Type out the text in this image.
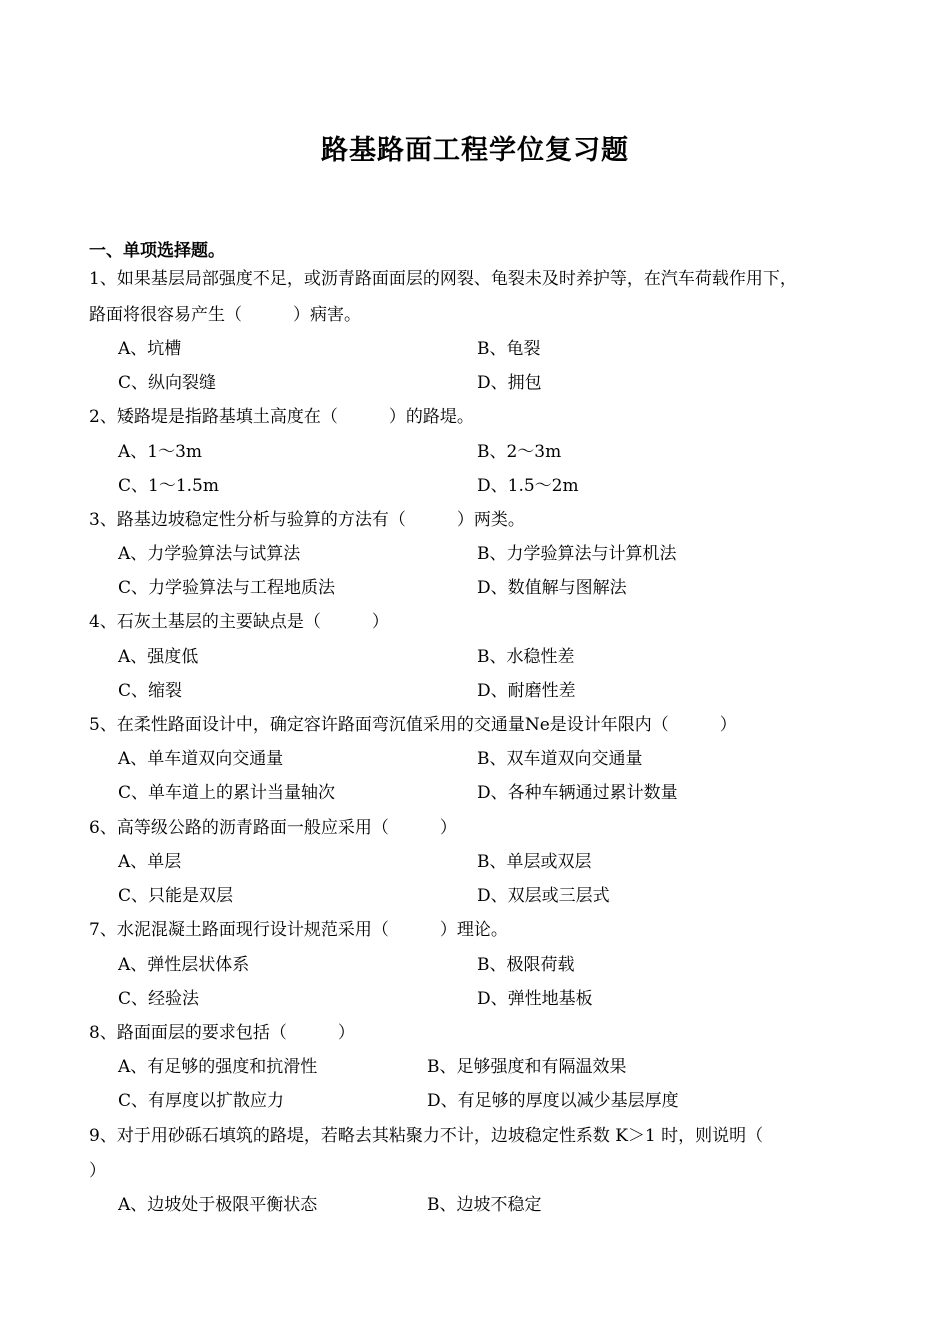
路基路面工程学位复习题
一、单项选择题。
1、如果基层局部强度不足，或沥青路面面层的网裂、龟裂未及时养护等，在汽车荷载作用下，
路面将很容易产生（　　　）病害。
A、坑槽	B、龟裂
C、纵向裂缝	D、拥包
2、矮路堤是指路基填土高度在（　　　）的路堤。
A、1～3m	B、2～3m
C、1～1.5m	D、1.5～2m
3、路基边坡稳定性分析与验算的方法有（　　　）两类。
A、力学验算法与试算法	B、力学验算法与计算机法
C、力学验算法与工程地质法	D、数值解与图解法
4、石灰土基层的主要缺点是（　　　）
A、强度低	B、水稳性差
C、缩裂	D、耐磨性差
5、在柔性路面设计中，确定容许路面弯沉值采用的交通量Ne是设计年限内（　　　）
A、单车道双向交通量	B、双车道双向交通量
C、单车道上的累计当量轴次	D、各种车辆通过累计数量
6、高等级公路的沥青路面一般应采用（　　　）
A、单层	B、单层或双层
C、只能是双层	D、双层或三层式
7、水泥混凝土路面现行设计规范采用（　　　）理论。
A、弹性层状体系	B、极限荷载
C、经验法	D、弹性地基板
8、路面面层的要求包括（　　　）
A、有足够的强度和抗滑性	B、足够强度和有隔温效果
C、有厚度以扩散应力	D、有足够的厚度以减少基层厚度
9、对于用砂砾石填筑的路堤，若略去其粘聚力不计，边坡稳定性系数 K＞1 时，则说明（
）
A、边坡处于极限平衡状态	B、边坡不稳定
